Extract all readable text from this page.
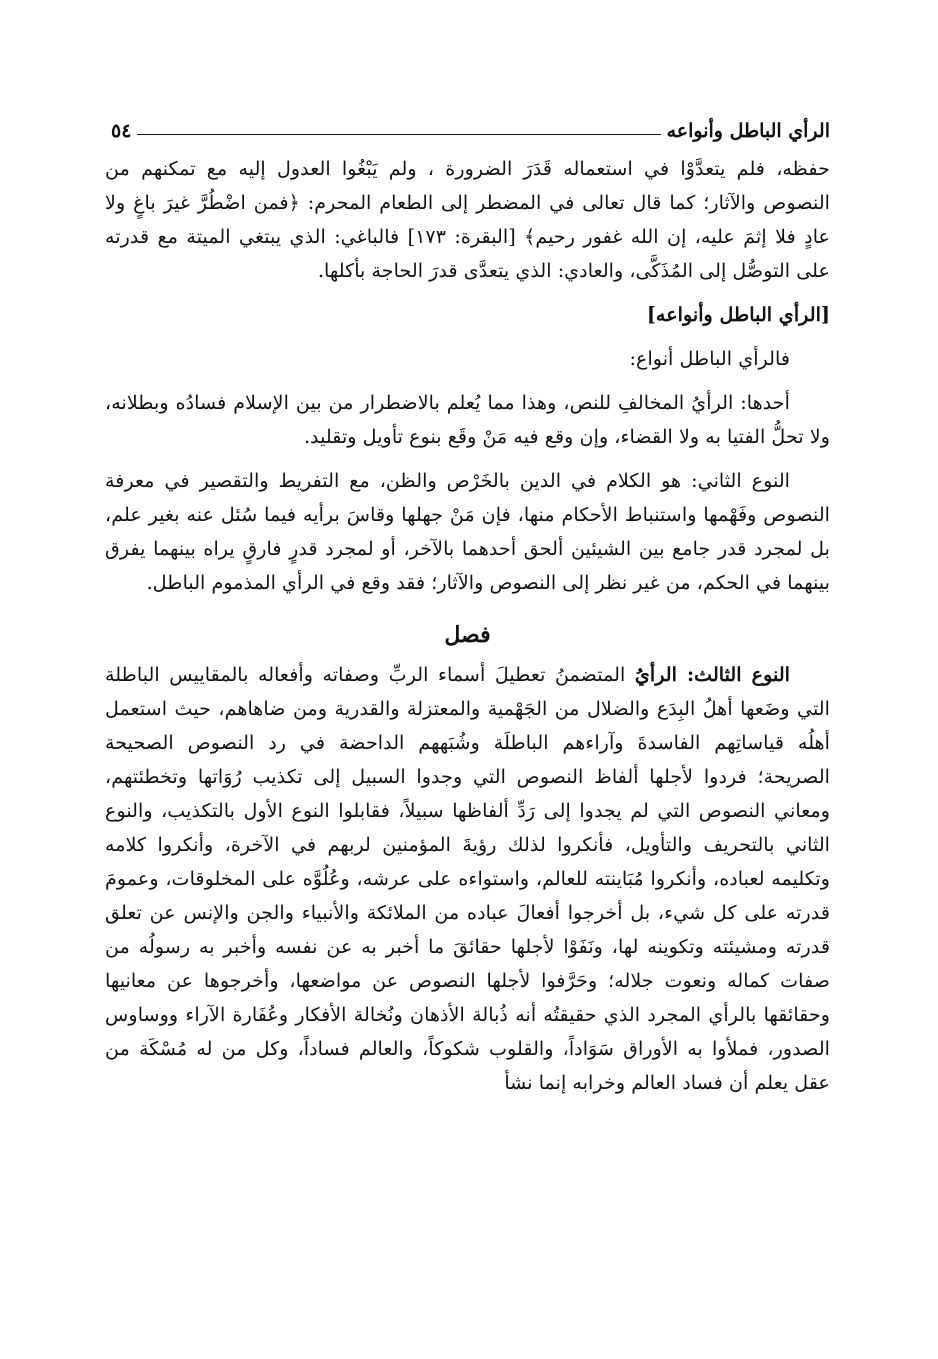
الرأي الباطل وأنواعه
٥٤

حفظه، فلم يتعدَّوْا في استعماله قَدَرَ الضرورة ، ولم يَبْغُوا العدول إليه مع تمكنهم من النصوص والآثار؛ كما قال تعالى في المضطر إلى الطعام المحرم: ﴿فمن اضْطُرَّ غيرَ باغٍ ولا عادٍ فلا إثمَ عليه، إن الله غفور رحيم﴾ [البقرة: ١٧٣] فالباغي: الذي يبتغي الميتة مع قدرته على التوصُّل إلى المُذَكَّى، والعادي: الذي يتعدَّى قدرَ الحاجة بأكلها.

[الرأي الباطل وأنواعه]

فالرأي الباطل أنواع:

أحدها: الرأيُ المخالفِ للنص، وهذا مما يُعلم بالاضطرار من بين الإسلام فسادُه وبطلانه، ولا تحلُّ الفتيا به ولا القضاء، وإن وقع فيه مَنْ وقَع بنوع تأويل وتقليد.

النوع الثاني: هو الكلام في الدين بالخَرْص والظن، مع التفريط والتقصير في معرفة النصوص وفَهْمها واستنباط الأحكام منها، فإن مَنْ جهلها وقاسَ برأيه فيما سُئل عنه بغير علم، بل لمجرد قدر جامع بين الشيئين ألحق أحدهما بالآخر، أو لمجرد قدرٍ فارقٍ يراه بينهما يفرق بينهما في الحكم، من غير نظر إلى النصوص والآثار؛ فقد وقع في الرأي المذموم الباطل.

فصل

النوع الثالث: الرأيُ المتضمنُ تعطيلَ أسماء الربِّ وصفاته وأفعاله بالمقاييس الباطلة التي وضَعها أهلُ البِدَع والضلال من الجَهْمية والمعتزلة والقدرية ومن ضاهاهم، حيث استعمل أهلُه قياساتِهم الفاسدةَ وآراءهم الباطلَة وشُبَههم الداحضة في رد النصوص الصحيحة الصريحة؛ فردوا لأجلها ألفاظ النصوص التي وجدوا السبيل إلى تكذيب رُوَاتها وتخطئتهم، ومعاني النصوص التي لم يجدوا إلى رَدِّ ألفاظها سبيلاً، فقابلوا النوع الأول بالتكذيب، والنوع الثاني بالتحريف والتأويل، فأنكروا لذلك رؤيةَ المؤمنين لربهم في الآخرة، وأنكروا كلامه وتكليمه لعباده، وأنكروا مُبَاينته للعالم، واستواءه على عرشه، وعُلُوَّه على المخلوقات، وعمومَ قدرته على كل شيء، بل أخرجوا أفعالَ عباده من الملائكة والأنبياء والجن والإنس عن تعلق قدرته ومشيئته وتكوينه لها، ونَفَوْا لأجلها حقائقَ ما أخبر به عن نفسه وأخبر به رسولُه من صفات كماله ونعوت جلاله؛ وحَرَّفوا لأجلها النصوص عن مواضعها، وأخرجوها عن معانيها وحقائقها بالرأي المجرد الذي حقيقتُه أنه ذُبالة الأذهان ونُخالة الأفكار وعُفَارة الآراء ووساوس الصدور، فملأوا به الأوراق سَوَاداً، والقلوب شكوكاً، والعالم فساداً، وكل من له مُسْكَة من عقل يعلم أن فساد العالم وخرابه إنما نشأ
